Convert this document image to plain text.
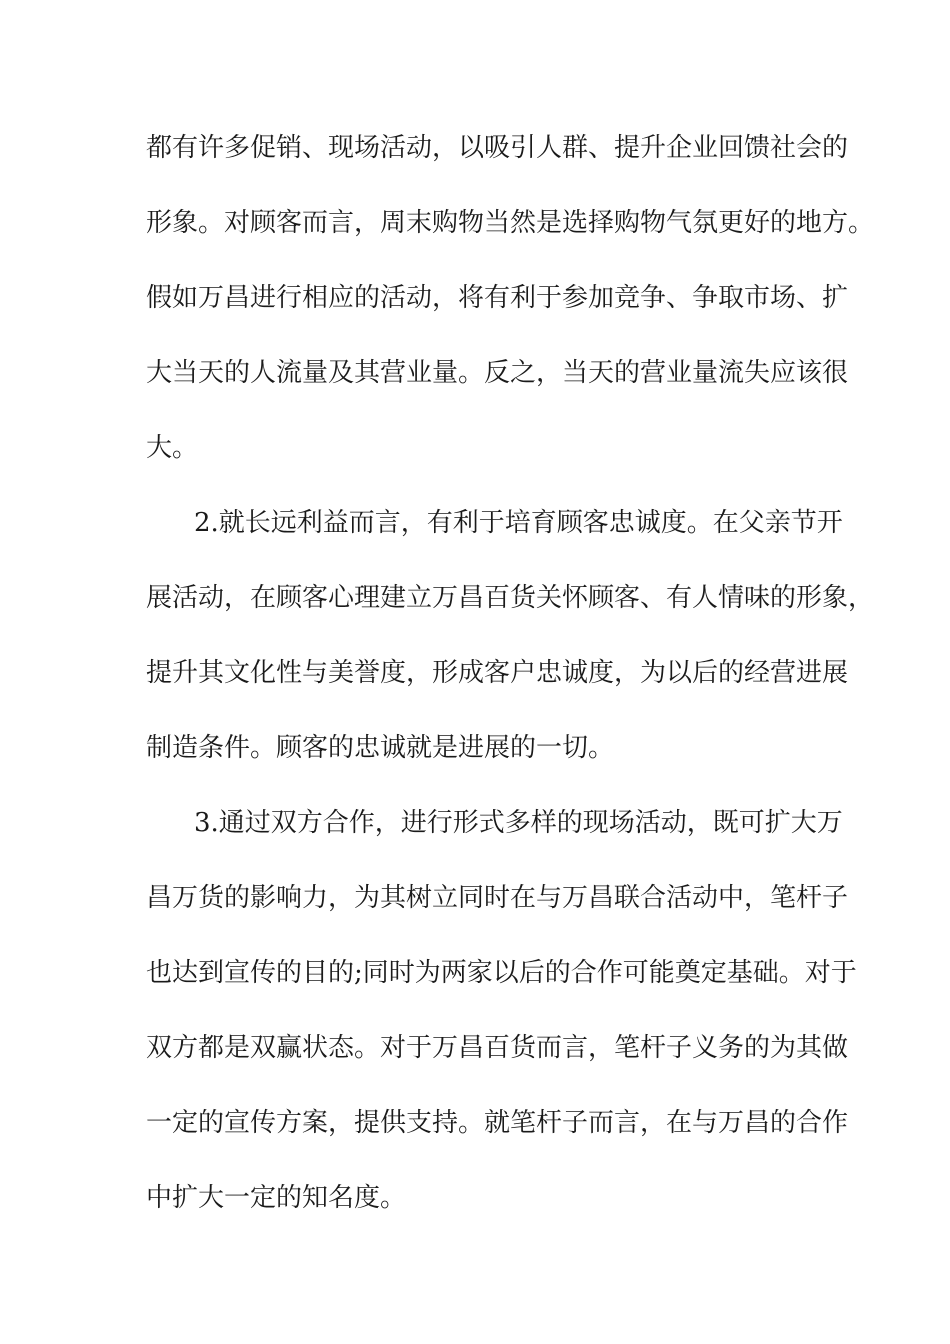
都有许多促销、现场活动，以吸引人群、提升企业回馈社会的
形象。对顾客而言，周末购物当然是选择购物气氛更好的地方。
假如万昌进行相应的活动，将有利于参加竞争、争取市场、扩
大当天的人流量及其营业量。反之，当天的营业量流失应该很
大。
2.就长远利益而言，有利于培育顾客忠诚度。在父亲节开
展活动，在顾客心理建立万昌百货关怀顾客、有人情味的形象，
提升其文化性与美誉度，形成客户忠诚度，为以后的经营进展
制造条件。顾客的忠诚就是进展的一切。
3.通过双方合作，进行形式多样的现场活动，既可扩大万
昌万货的影响力，为其树立同时在与万昌联合活动中，笔杆子
也达到宣传的目的;同时为两家以后的合作可能奠定基础。对于
双方都是双赢状态。对于万昌百货而言，笔杆子义务的为其做
一定的宣传方案，提供支持。就笔杆子而言，在与万昌的合作
中扩大一定的知名度。
